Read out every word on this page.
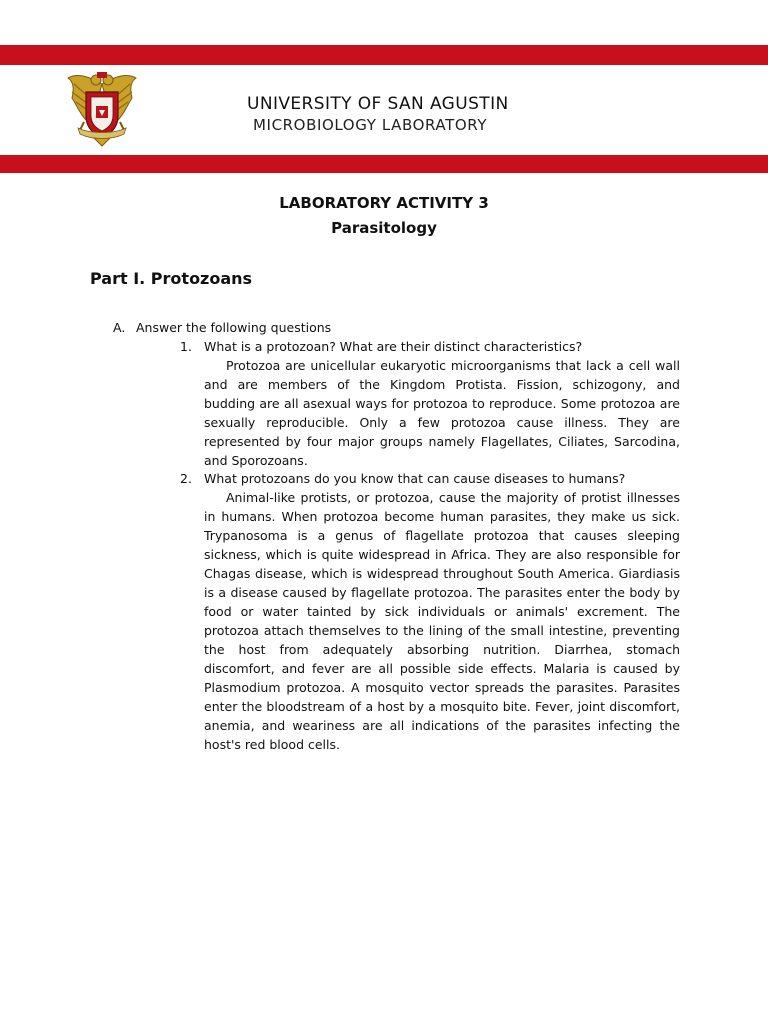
UNIVERSITY OF SAN AGUSTIN
MICROBIOLOGY LABORATORY
LABORATORY ACTIVITY 3
Parasitology
Part I. Protozoans
A. Answer the following questions
1. What is a protozoan? What are their distinct characteristics?

Protozoa are unicellular eukaryotic microorganisms that lack a cell wall and are members of the Kingdom Protista. Fission, schizogony, and budding are all asexual ways for protozoa to reproduce. Some protozoa are sexually reproducible. Only a few protozoa cause illness. They are represented by four major groups namely Flagellates, Ciliates, Sarcodina, and Sporozoans.

2. What protozoans do you know that can cause diseases to humans?

Animal-like protists, or protozoa, cause the majority of protist illnesses in humans. When protozoa become human parasites, they make us sick. Trypanosoma is a genus of flagellate protozoa that causes sleeping sickness, which is quite widespread in Africa. They are also responsible for Chagas disease, which is widespread throughout South America. Giardiasis is a disease caused by flagellate protozoa. The parasites enter the body by food or water tainted by sick individuals or animals' excrement. The protozoa attach themselves to the lining of the small intestine, preventing the host from adequately absorbing nutrition. Diarrhea, stomach discomfort, and fever are all possible side effects. Malaria is caused by Plasmodium protozoa. A mosquito vector spreads the parasites. Parasites enter the bloodstream of a host by a mosquito bite. Fever, joint discomfort, anemia, and weariness are all indications of the parasites infecting the host's red blood cells.
